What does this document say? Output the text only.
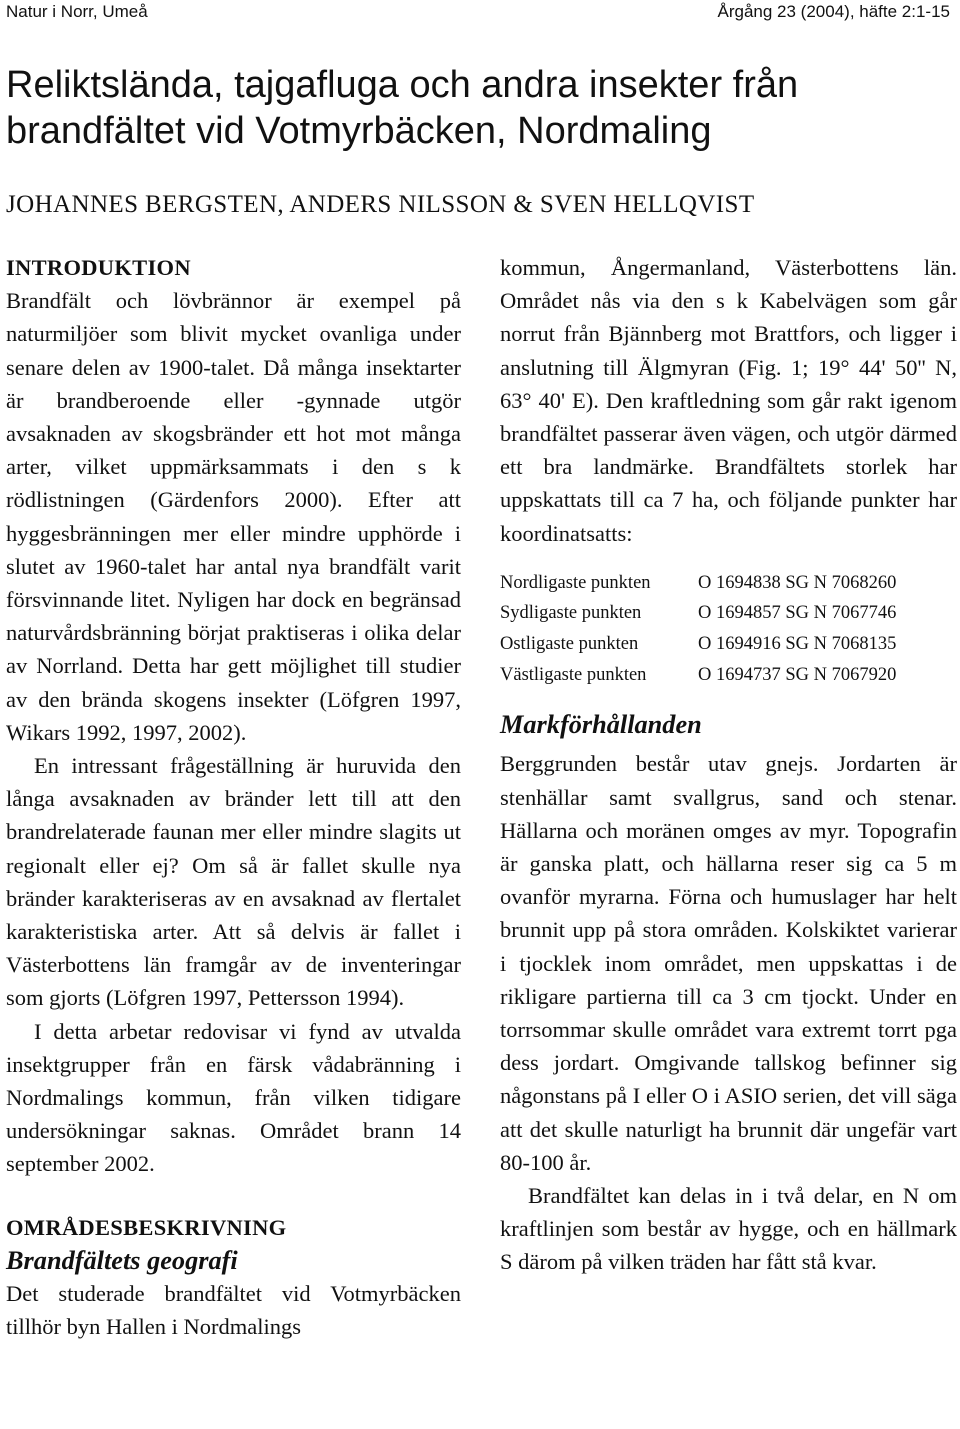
Natur i Norr, Umeå	Årgång 23 (2004), häfte 2:1-15
Reliktslända, tajgafluga och andra insekter från
brandfältet vid Votmyrbäcken, Nordmaling
JOHANNES BERGSTEN, ANDERS NILSSON & SVEN HELLQVIST
INTRODUKTION

Brandfält och lövbrännor är exempel på naturmiljöer som blivit mycket ovanliga under senare delen av 1900-talet. Då många insektarter är brandberoende eller -gynnade utgör avsaknaden av skogsbränder ett hot mot många arter, vilket uppmärksammats i den s k rödlistningen (Gärdenfors 2000). Efter att hyggesbränningen mer eller mindre upphörde i slutet av 1960-talet har antal nya brandfält varit försvinnande litet. Nyligen har dock en begränsad naturvårdsbränning börjat praktiseras i olika delar av Norrland. Detta har gett möjlighet till studier av den brända skogens insekter (Löfgren 1997, Wikars 1992, 1997, 2002).

En intressant frågeställning är huruvida den långa avsaknaden av bränder lett till att den brandrelaterade faunan mer eller mindre slagits ut regionalt eller ej? Om så är fallet skulle nya bränder karakteriseras av en avsaknad av flertalet karakteristiska arter. Att så delvis är fallet i Västerbottens län framgår av de inventeringar som gjorts (Löfgren 1997, Pettersson 1994).

I detta arbetar redovisar vi fynd av utvalda insektgrupper från en färsk vådabränning i Nordmalings kommun, från vilken tidigare undersökningar saknas. Området brann 14 september 2002.

OMRÅDESBESKRIVNING
Brandfältets geografi

Det studerade brandfältet vid Votmyrbäcken tillhör byn Hallen i Nordmalings

kommun, Ångermanland, Västerbottens län. Området nås via den s k Kabelvägen som går norrut från Bjännberg mot Brattfors, och ligger i anslutning till Älgmyran (Fig. 1; 19° 44' 50'' N, 63° 40' E). Den kraftledning som går rakt igenom brandfältet passerar även vägen, och utgör därmed ett bra landmärke. Brandfältets storlek har uppskattats till ca 7 ha, och följande punkter har koordinatsatts:

Nordligaste punkten	O 1694838 SG N 7068260
Sydligaste punkten	O 1694857 SG N 7067746
Ostligaste punkten	O 1694916 SG N 7068135
Västligaste punkten	O 1694737 SG N 7067920
Markförhållanden

Berggrunden består utav gnejs. Jordarten är stenhällar samt svallgrus, sand och stenar. Hällarna och moränen omges av myr. Topografin är ganska platt, och hällarna reser sig ca 5 m ovanför myrarna. Förna och humuslager har helt brunnit upp på stora områden. Kolskiktet varierar i tjocklek inom området, men uppskattas i de rikligare partierna till ca 3 cm tjockt. Under en torrsommar skulle området vara extremt torrt pga dess jordart. Omgivande tallskog befinner sig någonstans på I eller O i ASIO serien, det vill säga att det skulle naturligt ha brunnit där ungefär vart 80-100 år.

Brandfältet kan delas in i två delar, en N om kraftlinjen som består av hygge, och en hällmark S därom på vilken träden har fått stå kvar.
